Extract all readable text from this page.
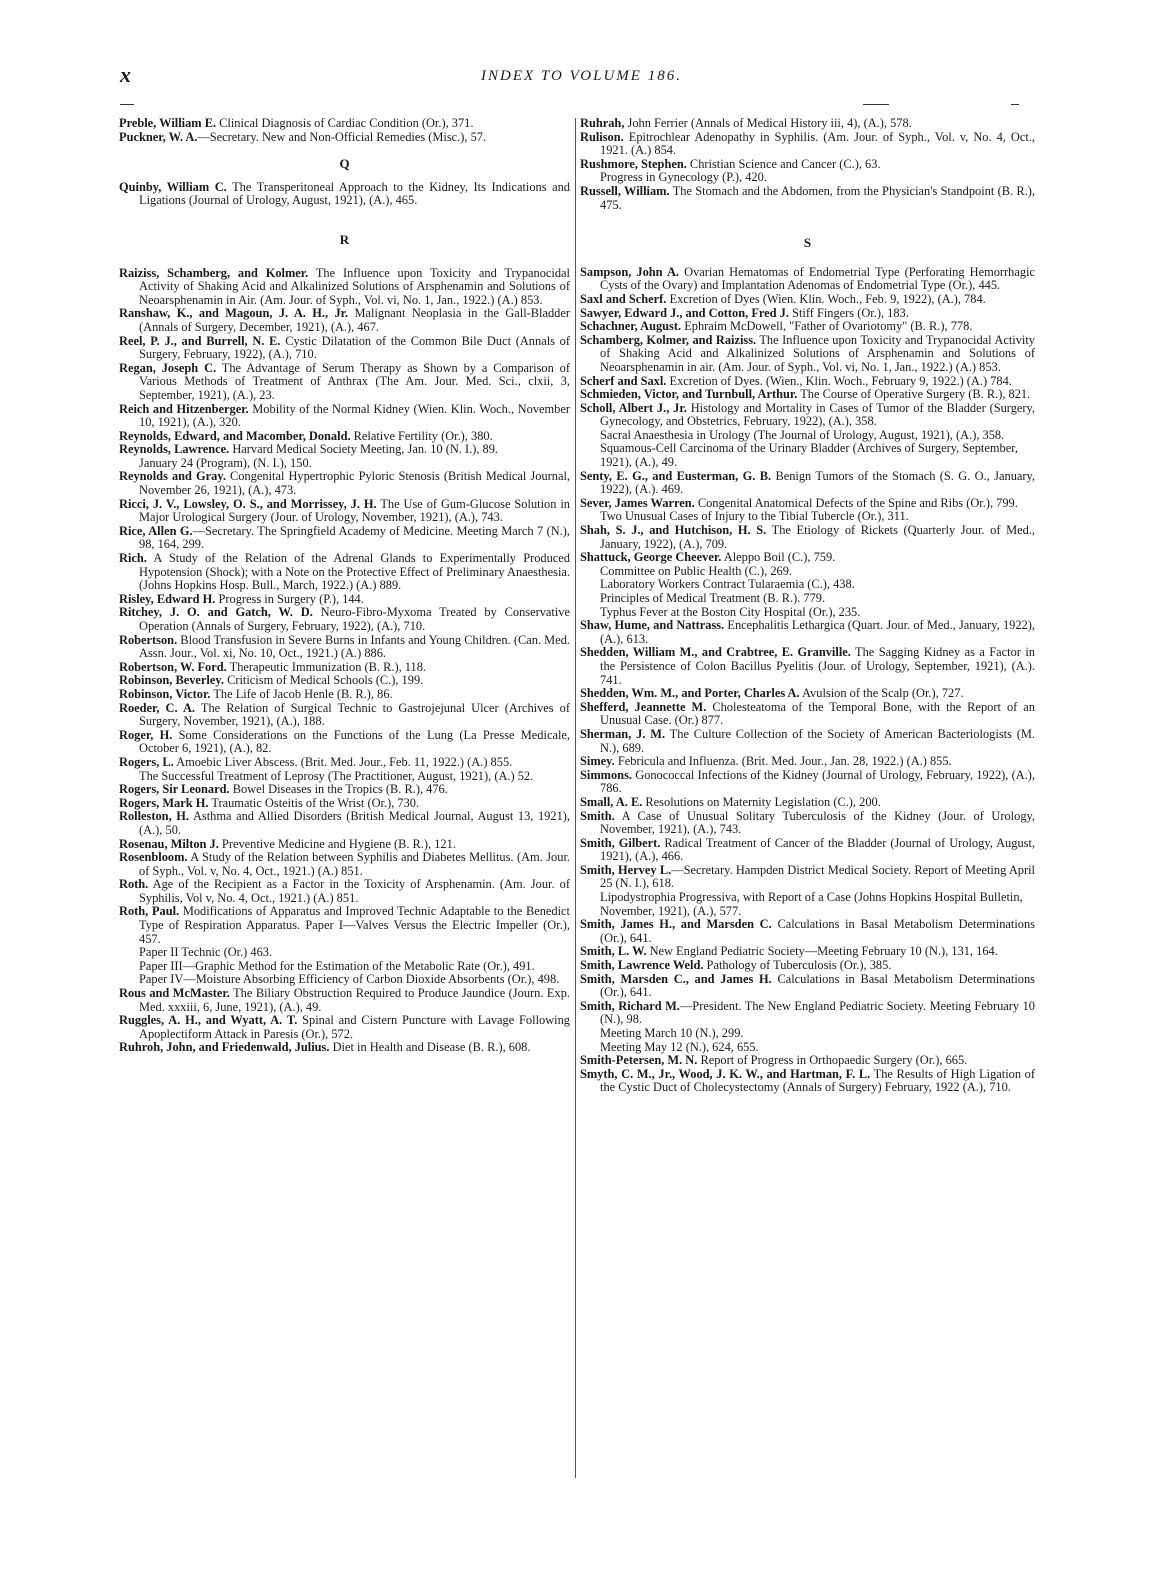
x	INDEX TO VOLUME 186.

Preble, William E. Clinical Diagnosis of Cardiac Condition (Or.), 371.

Puckner, W. A.—Secretary. New and Non-Official Remedies (Misc.), 57.

Q

Quinby, William C. The Transperitoneal Approach to the Kidney, Its Indications and Ligations (Journal of Urology, August, 1921), (A.), 465.

R

Raiziss, Schamberg, and Kolmer. The Influence upon Toxicity and Trypanocidal Activity of Shaking Acid and Alkalinized Solutions of Arsphenamin and Solutions of Neoarsphenamin in Air. (Am. Jour. of Syph., Vol. vi, No. 1, Jan., 1922.) (A.) 853.

Ranshaw, K., and Magoun, J. A. H., Jr. Malignant Neoplasia in the Gall-Bladder (Annals of Surgery, December, 1921), (A.), 467.

Reel, P. J., and Burrell, N. E. Cystic Dilatation of the Common Bile Duct (Annals of Surgery, February, 1922), (A.), 710.

Regan, Joseph C. The Advantage of Serum Therapy as Shown by a Comparison of Various Methods of Treatment of Anthrax (The Am. Jour. Med. Sci., clxii, 3, September, 1921), (A.), 23.

Reich and Hitzenberger. Mobility of the Normal Kidney (Wien. Klin. Woch., November 10, 1921), (A.), 320.

Reynolds, Edward, and Macomber, Donald. Relative Fertility (Or.), 380.

Reynolds, Lawrence. Harvard Medical Society Meeting, Jan. 10 (N. I.), 89.

January 24 (Program), (N. I.), 150.

Reynolds and Gray. Congenital Hypertrophic Pyloric Stenosis (British Medical Journal, November 26, 1921), (A.), 473.

Ricci, J. V., Lowsley, O. S., and Morrissey, J. H. The Use of Gum-Glucose Solution in Major Urological Surgery (Jour. of Urology, November, 1921), (A.), 743.

Rice, Allen G.—Secretary. The Springfield Academy of Medicine. Meeting March 7 (N.), 98, 164, 299.

Rich. A Study of the Relation of the Adrenal Glands to Experimentally Produced Hypotension (Shock); with a Note on the Protective Effect of Preliminary Anaesthesia. (Johns Hopkins Hosp. Bull., March, 1922.) (A.) 889.

Risley, Edward H. Progress in Surgery (P.), 144.

Ritchey, J. O. and Gatch, W. D. Neuro-Fibro-Myxoma Treated by Conservative Operation (Annals of Surgery, February, 1922), (A.), 710.

Robertson. Blood Transfusion in Severe Burns in Infants and Young Children. (Can. Med. Assn. Jour., Vol. xi, No. 10, Oct., 1921.) (A.) 886.

Robertson, W. Ford. Therapeutic Immunization (B. R.), 118.

Robinson, Beverley. Criticism of Medical Schools (C.), 199.

Robinson, Victor. The Life of Jacob Henle (B. R.), 86.

Roeder, C. A. The Relation of Surgical Technic to Gastrojejunal Ulcer (Archives of Surgery, November, 1921), (A.), 188.

Roger, H. Some Considerations on the Functions of the Lung (La Presse Medicale, October 6, 1921), (A.), 82.

Rogers, L. Amoebic Liver Abscess. (Brit. Med. Jour., Feb. 11, 1922.) (A.) 855.

The Successful Treatment of Leprosy (The Practitioner, August, 1921), (A.) 52.

Rogers, Sir Leonard. Bowel Diseases in the Tropics (B. R.), 476.

Rogers, Mark H. Traumatic Osteitis of the Wrist (Or.), 730.

Rolleston, H. Asthma and Allied Disorders (British Medical Journal, August 13, 1921), (A.), 50.

Rosenau, Milton J. Preventive Medicine and Hygiene (B. R.), 121.

Rosenbloom. A Study of the Relation between Syphilis and Diabetes Mellitus. (Am. Jour. of Syph., Vol. v, No. 4, Oct., 1921.) (A.) 851.

Roth. Age of the Recipient as a Factor in the Toxicity of Arsphenamin. (Am. Jour. of Syphilis, Vol v, No. 4, Oct., 1921.) (A.) 851.

Roth, Paul. Modifications of Apparatus and Improved Technic Adaptable to the Benedict Type of Respiration Apparatus. Paper I—Valves Versus the Electric Impeller (Or.), 457.

Paper II Technic (Or.) 463.

Paper III—Graphic Method for the Estimation of the Metabolic Rate (Or.), 491.

Paper IV—Moisture Absorbing Efficiency of Carbon Dioxide Absorbents (Or.), 498.

Rous and McMaster. The Biliary Obstruction Required to Produce Jaundice (Journ. Exp. Med. xxxiii, 6, June, 1921), (A.), 49.

Ruggles, A. H., and Wyatt, A. T. Spinal and Cistern Puncture with Lavage Following Apoplectiform Attack in Paresis (Or.), 572.

Ruhroh, John, and Friedenwald, Julius. Diet in Health and Disease (B. R.), 608.

Ruhrah, John Ferrier (Annals of Medical History iii, 4), (A.), 578.

Rulison. Epitrochlear Adenopathy in Syphilis. (Am. Jour. of Syph., Vol. v, No. 4, Oct., 1921. (A.) 854.

Rushmore, Stephen. Christian Science and Cancer (C.), 63.

Progress in Gynecology (P.), 420.

Russell, William. The Stomach and the Abdomen, from the Physician's Standpoint (B. R.), 475.

S

Sampson, John A. Ovarian Hematomas of Endometrial Type (Perforating Hemorrhagic Cysts of the Ovary) and Implantation Adenomas of Endometrial Type (Or.), 445.

Saxl and Scherf. Excretion of Dyes (Wien. Klin. Woch., Feb. 9, 1922), (A.), 784.

Sawyer, Edward J., and Cotton, Fred J. Stiff Fingers (Or.), 183.

Schachner, August. Ephraim McDowell, "Father of Ovariotomy" (B. R.), 778.

Schamberg, Kolmer, and Raiziss. The Influence upon Toxicity and Trypanocidal Activity of Shaking Acid and Alkalinized Solutions of Arsphenamin and Solutions of Neoarsphenamin in air. (Am. Jour. of Syph., Vol. vi, No. 1, Jan., 1922.) (A.) 853.

Scherf and Saxl. Excretion of Dyes. (Wien., Klin. Woch., February 9, 1922.) (A.) 784.

Schmieden, Victor, and Turnbull, Arthur. The Course of Operative Surgery (B. R.), 821.

Scholl, Albert J., Jr. Histology and Mortality in Cases of Tumor of the Bladder (Surgery, Gynecology, and Obstetrics, February, 1922), (A.), 358.

Sacral Anaesthesia in Urology (The Journal of Urology, August, 1921), (A.), 358.

Squamous-Cell Carcinoma of the Urinary Bladder (Archives of Surgery, September, 1921), (A.), 49.

Senty, E. G., and Eusterman, G. B. Benign Tumors of the Stomach (S. G. O., January, 1922), (A.). 469.

Sever, James Warren. Congenital Anatomical Defects of the Spine and Ribs (Or.), 799.

Two Unusual Cases of Injury to the Tibial Tubercle (Or.), 311.

Shah, S. J., and Hutchison, H. S. The Etiology of Rickets (Quarterly Jour. of Med., January, 1922), (A.), 709.

Shattuck, George Cheever. Aleppo Boil (C.), 759.

Committee on Public Health (C.), 269.

Laboratory Workers Contract Tularaemia (C.), 438.

Principles of Medical Treatment (B. R.). 779.

Typhus Fever at the Boston City Hospital (Or.), 235.

Shaw, Hume, and Nattrass. Encephalitis Lethargica (Quart. Jour. of Med., January, 1922), (A.), 613.

Shedden, William M., and Crabtree, E. Granville. The Sagging Kidney as a Factor in the Persistence of Colon Bacillus Pyelitis (Jour. of Urology, September, 1921), (A.). 741.

Shedden, Wm. M., and Porter, Charles A. Avulsion of the Scalp (Or.), 727.

Shefferd, Jeannette M. Cholesteatoma of the Temporal Bone, with the Report of an Unusual Case. (Or.) 877.

Sherman, J. M. The Culture Collection of the Society of American Bacteriologists (M. N.), 689.

Simey. Febricula and Influenza. (Brit. Med. Jour., Jan. 28, 1922.) (A.) 855.

Simmons. Gonococcal Infections of the Kidney (Journal of Urology, February, 1922), (A.), 786.

Small, A. E. Resolutions on Maternity Legislation (C.), 200.

Smith. A Case of Unusual Solitary Tuberculosis of the Kidney (Jour. of Urology, November, 1921), (A.), 743.

Smith, Gilbert. Radical Treatment of Cancer of the Bladder (Journal of Urology, August, 1921), (A.), 466.

Smith, Hervey L.—Secretary. Hampden District Medical Society. Report of Meeting April 25 (N. I.), 618.

Lipodystrophia Progressiva, with Report of a Case (Johns Hopkins Hospital Bulletin, November, 1921), (A.), 577.

Smith, James H., and Marsden C. Calculations in Basal Metabolism Determinations (Or.), 641.

Smith, L. W. New England Pediatric Society—Meeting February 10 (N.), 131, 164.

Smith, Lawrence Weld. Pathology of Tuberculosis (Or.), 385.

Smith, Marsden C., and James H. Calculations in Basal Metabolism Determinations (Or.), 641.

Smith, Richard M.—President. The New England Pediatric Society. Meeting February 10 (N.), 98.

Meeting March 10 (N.), 299.

Meeting May 12 (N.), 624, 655.

Smith-Petersen, M. N. Report of Progress in Orthopaedic Surgery (Or.), 665.

Smyth, C. M., Jr., Wood, J. K. W., and Hartman, F. L. The Results of High Ligation of the Cystic Duct of Cholecystectomy (Annals of Surgery) February, 1922 (A.), 710.
